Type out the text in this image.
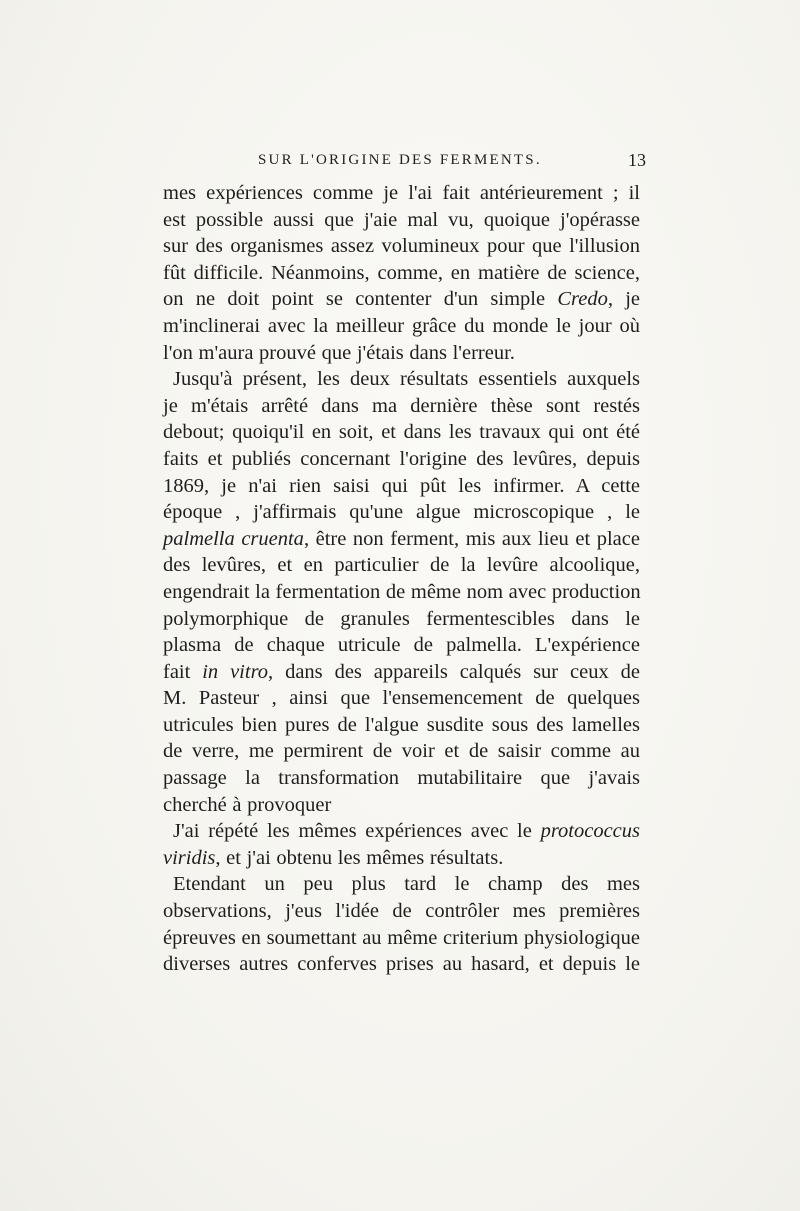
SUR L'ORIGINE DES FERMENTS.	13
mes expériences comme je l'ai fait antérieurement ; il
est possible aussi que j'aie mal vu, quoique j'opérasse
sur des organismes assez volumineux pour que l'illusion
fût difficile. Néanmoins, comme, en matière de science,
on ne doit point se contenter d'un simple Credo, je
m'inclinerai avec la meilleur grâce du monde le jour où
l'on m'aura prouvé que j'étais dans l'erreur.
Jusqu'à présent, les deux résultats essentiels auxquels
je m'étais arrêté dans ma dernière thèse sont restés
debout; quoiqu'il en soit, et dans les travaux qui ont été
faits et publiés concernant l'origine des levûres, depuis
1869, je n'ai rien saisi qui pût les infirmer. A cette
époque , j'affirmais qu'une algue microscopique , le
palmella cruenta, être non ferment, mis aux lieu et place
des levûres, et en particulier de la levûre alcoolique,
engendrait la fermentation de même nom avec production
polymorphique de granules fermentescibles dans le
plasma de chaque utricule de palmella. L'expérience
fait in vitro, dans des appareils calqués sur ceux de
M. Pasteur , ainsi que l'ensemencement de quelques
utricules bien pures de l'algue susdite sous des lamelles
de verre, me permirent de voir et de saisir comme au
passage la transformation mutabilitaire que j'avais
cherché à provoquer
J'ai répété les mêmes expériences avec le protococcus
viridis, et j'ai obtenu les mêmes résultats.
Etendant un peu plus tard le champ des mes
observations, j'eus l'idée de contrôler mes premières
épreuves en soumettant au même criterium physiologique
diverses autres conferves prises au hasard, et depuis le
